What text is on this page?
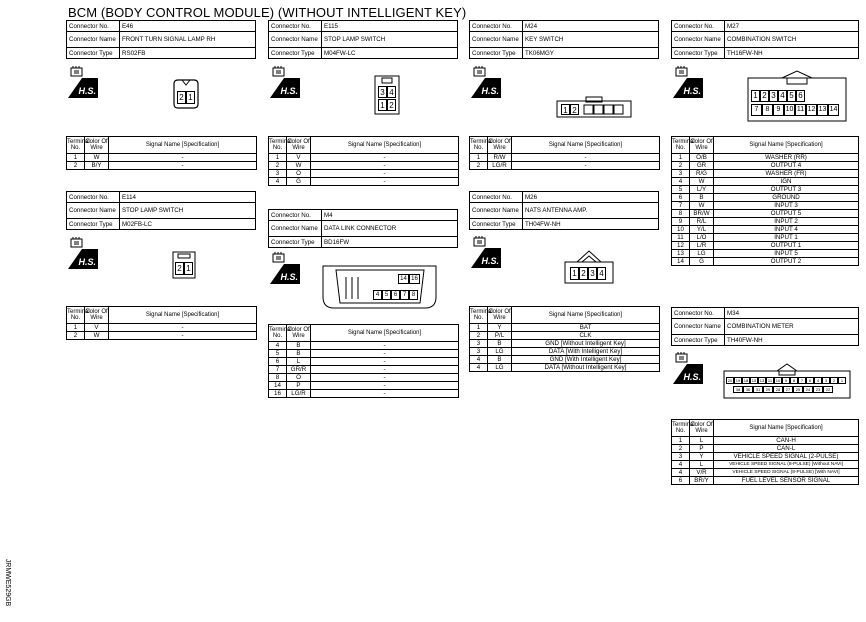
BCM (BODY CONTROL MODULE) (WITHOUT INTELLIGENT KEY)
JRMWE529GB
Connector No.	E46
Connector Name	FRONT TURN SIGNAL LAMP RH
Connector Type	RS02FB
Connector No.	E115
Connector Name	STOP LAMP SWITCH
Connector Type	M04FW-LC
Connector No.	M24
Connector Name	KEY SWITCH
Connector Type	TK06MGY
Connector No.	M27
Connector Name	COMBINATION SWITCH
Connector Type	TH16FW-NH
Connector No.	E114
Connector Name	STOP LAMP SWITCH
Connector Type	M02FB-LC
Connector No.	M4
Connector Name	DATA LINK CONNECTOR
Connector Type	BD16FW
Connector No.	M26
Connector Name	NATS ANTENNA AMP.
Connector Type	TH04FW-NH
Connector No.	M34
Connector Name	COMBINATION METER
Connector Type	TH40FW-NH
H.S.	H.S.	H.S.	H.S.
H.S.
H.S.
H.S.
H.S.
2 1
3 4
1 2
1 2
1 2 3 4 5 6
7	8	9 10 11 12 13 14
2 1
14 16
4 5 6 7 8
1 2 3 4
20 19 18 15 13 11 10	9	8	7	6	4	3	2	1
38	36	31	29	28	27	25	24	23	22
Terminal No.	Color Of Wire	Signal Name [Specification]
1	W	-
2	B/Y	-
Terminal No.	Color Of Wire	Signal Name [Specification]
1	V	-
2	W	-
3	O	-
4	G	-
Terminal No.	Color Of Wire	Signal Name [Specification]
1	R/W	-
2	LG/R	-
Terminal No.	Color Of Wire	Signal Name [Specification]
1	O/B	WASHER (RR)
2	GR	OUTPUT 4
3	R/G	WASHER (FR)
4	W	IGN
5	L/Y	OUTPUT 3
6	B	GROUND
7	W	INPUT 3
8	BR/W	OUTPUT 5
9	R/L	INPUT 2
10	Y/L	INPUT 4
11	L/O	INPUT 1
12	L/R	OUTPUT 1
13	LG	INPUT 5
14	G	OUTPUT 2
Terminal No.	Color Of Wire	Signal Name [Specification]
1	V	-
2	W	-
Terminal No.	Color Of Wire	Signal Name [Specification]
4	B	-
5	B	-
6	L	-
7	GR/R	-
8	O	-
14	P	-
16	LG/R	-
Terminal No.	Color Of Wire	Signal Name [Specification]
1	Y	BAT
2	P/L	CLK
3	B	GND [Without Intelligent Key]
3	LG	DATA [With Intelligent Key]
4	B	GND [With Intelligent Key]
4	LG	DATA [Without Intelligent Key]
Terminal No.	Color Of Wire	Signal Name [Specification]
1	L	CAN-H
2	P	CAN-L
3	Y	VEHICLE SPEED SIGNAL (2-PULSE)
4	L	VEHICLE SPEED SIGNAL (8-PULSE) [Without NAVI]
4	V/R	VEHICLE SPEED SIGNAL (8-PULSE) [With NAVI]
6	BR/Y	FUEL LEVEL SENSOR SIGNAL
